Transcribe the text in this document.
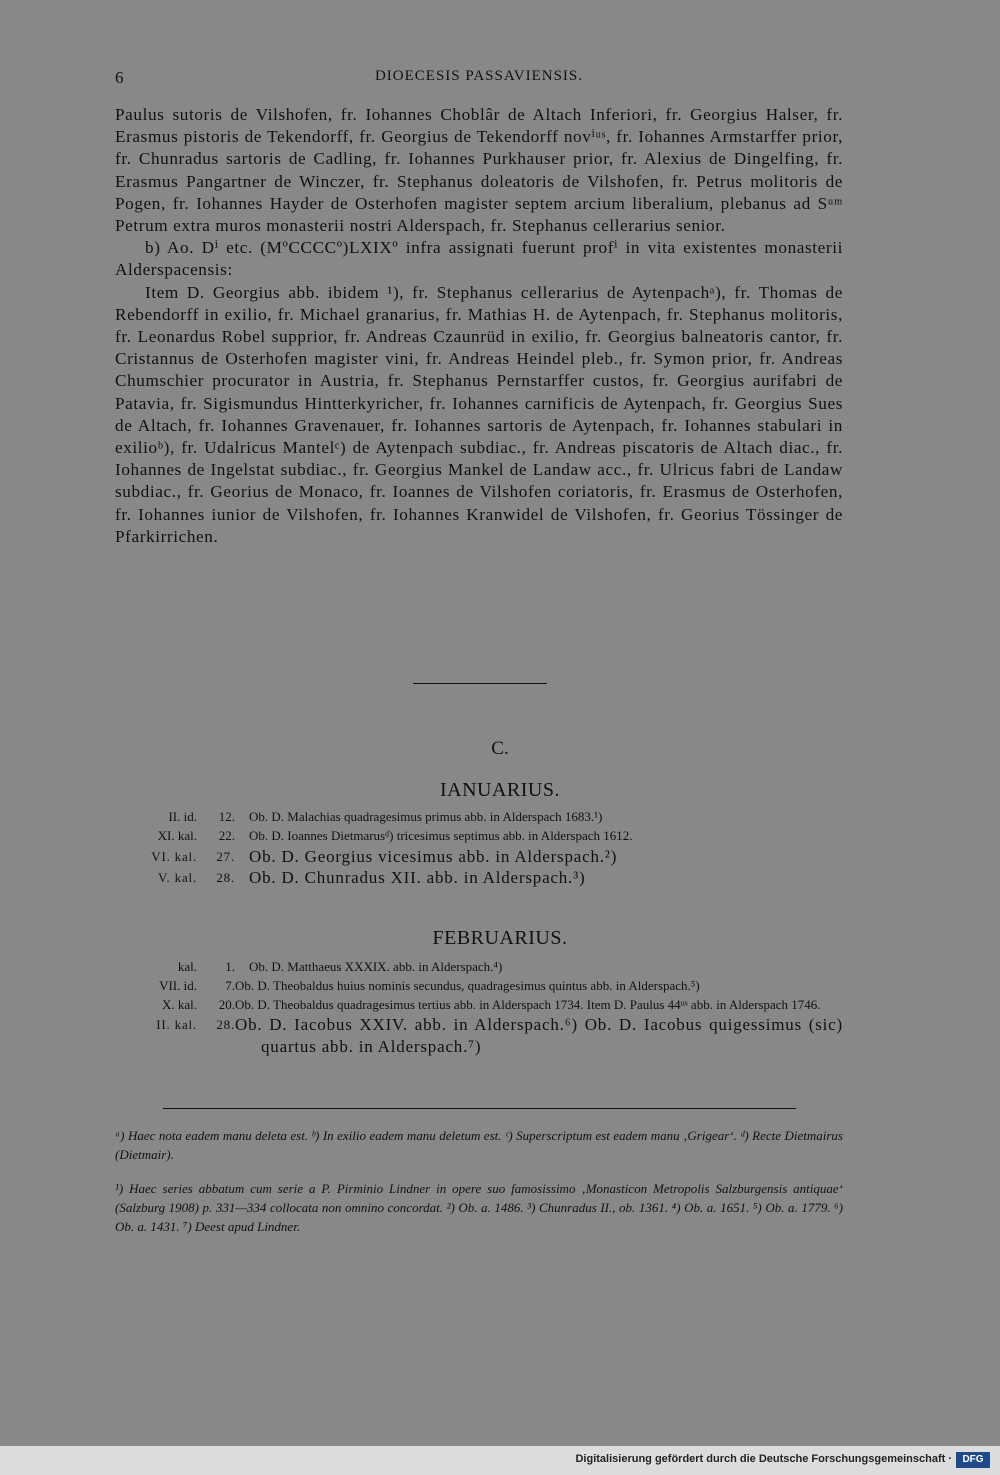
6	DIOECESIS PASSAVIENSIS.

Paulus sutoris de Vilshofen, fr. Iohannes Choblâr de Altach Inferiori, fr. Georgius Halser, fr. Erasmus pistoris de Tekendorff, fr. Georgius de Tekendorff novⁱᵘˢ, fr. Iohannes Armstarffer prior, fr. Chunradus sartoris de Cadling, fr. Iohannes Purkhauser prior, fr. Alexius de Dingelfing, fr. Erasmus Pangartner de Winczer, fr. Stephanus doleatoris de Vilshofen, fr. Petrus molitoris de Pogen, fr. Iohannes Hayder de Osterhofen magister septem arcium liberalium, plebanus ad Sᵘᵐ Petrum extra muros monasterii nostri Alderspach, fr. Stephanus cellerarius senior.

b) Ao. Dⁱ etc. (MºCCCCº)LXIXº infra assignati fuerunt profⁱ in vita existentes monasterii Alderspacensis:

Item D. Georgius abb. ibidem ¹), fr. Stephanus cellerarius de Aytenpachᵃ), fr. Thomas de Rebendorff in exilio, fr. Michael granarius, fr. Mathias H. de Aytenpach, fr. Stephanus molitoris, fr. Leonardus Robel supprior, fr. Andreas Czaunrüd in exilio, fr. Georgius balneatoris cantor, fr. Cristannus de Osterhofen magister vini, fr. Andreas Heindel pleb., fr. Symon prior, fr. Andreas Chumschier procurator in Austria, fr. Stephanus Pernstarffer custos, fr. Georgius aurifabri de Patavia, fr. Sigismundus Hintterkyricher, fr. Iohannes carnificis de Aytenpach, fr. Georgius Sues de Altach, fr. Iohannes Gravenauer, fr. Iohannes sartoris de Aytenpach, fr. Iohannes stabulari in exilioᵇ), fr. Udalricus Mantelᶜ) de Aytenpach subdiac., fr. Andreas piscatoris de Altach diac., fr. Iohannes de Ingelstat subdiac., fr. Georgius Mankel de Landaw acc., fr. Ulricus fabri de Landaw subdiac., fr. Georius de Monaco, fr. Ioannes de Vilshofen coriatoris, fr. Erasmus de Osterhofen, fr. Iohannes iunior de Vilshofen, fr. Iohannes Kranwidel de Vilshofen, fr. Georius Tössinger de Pfarkirrichen.

C.
IANUARIUS.
II. id.	12.	Ob. D. Malachias quadragesimus primus abb. in Alderspach 1683.¹)
XI. kal.	22.	Ob. D. Ioannes Dietmarusᵈ) tricesimus septimus abb. in Alderspach 1612.
VI. kal.	27. Ob. D. Georgius vicesimus abb. in Alderspach.²)
V. kal.	28. Ob. D. Chunradus XII. abb. in Alderspach.³)
FEBRUARIUS.
kal.	1.	Ob. D. Matthaeus XXXIX. abb. in Alderspach.⁴)
VII. id.	7. Ob. D. Theobaldus huius nominis secundus, quadragesimus quintus abb. in Alderspach.⁵)
X. kal.	20. Ob. D. Theobaldus quadragesimus tertius abb. in Alderspach 1734. Item D. Paulus 44ᵘˢ abb. in Alderspach 1746.
II. kal.	28. Ob. D. Iacobus XXIV. abb. in Alderspach.⁶) Ob. D. Iacobus quigessimus (sic) quartus abb. in Alderspach.⁷)

ᵃ) Haec nota eadem manu deleta est. ᵇ) In exilio eadem manu deletum est. ᶜ) Superscriptum est eadem manu ‚Grigear‘. ᵈ) Recte Dietmairus (Dietmair).

¹) Haec series abbatum cum serie a P. Pirminio Lindner in opere suo famosissimo ‚Monasticon Metropolis Salzburgensis antiquae‘ (Salzburg 1908) p. 331—334 collocata non omnino concordat. ²) Ob. a. 1486. ³) Chunradus II., ob. 1361. ⁴) Ob. a. 1651. ⁵) Ob. a. 1779. ⁶) Ob. a. 1431. ⁷) Deest apud Lindner.

Digitalisierung gefördert durch die Deutsche Forschungsgemeinschaft ·	DFG
